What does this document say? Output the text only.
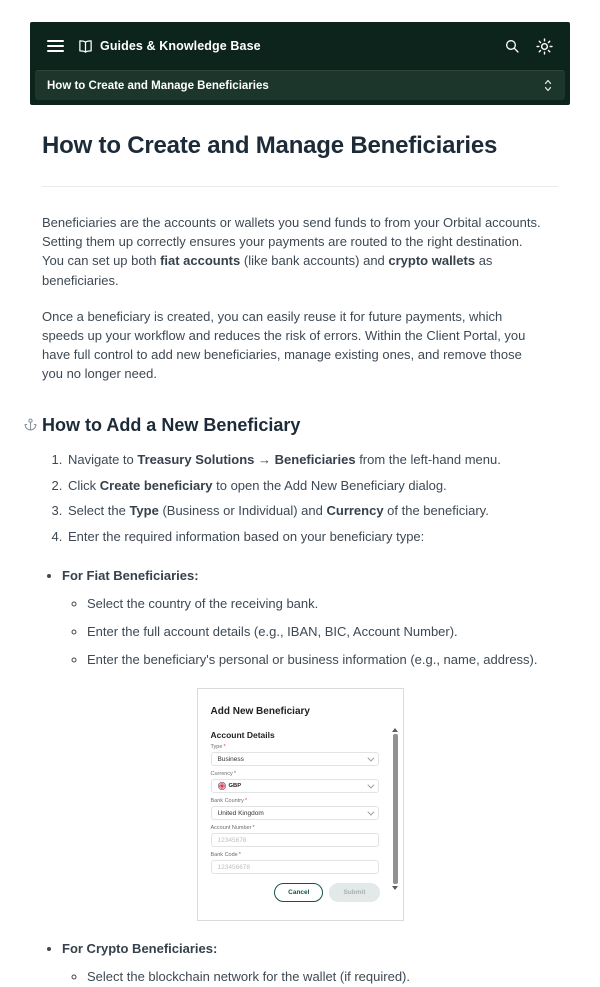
Guides & Knowledge Base
How to Create and Manage Beneficiaries
How to Create and Manage Beneficiaries

Beneficiaries are the accounts or wallets you send funds to from your Orbital accounts. Setting them up correctly ensures your payments are routed to the right destination. You can set up both fiat accounts (like bank accounts) and crypto wallets as beneficiaries.

Once a beneficiary is created, you can easily reuse it for future payments, which speeds up your workflow and reduces the risk of errors. Within the Client Portal, you have full control to add new beneficiaries, manage existing ones, and remove those you no longer need.

How to Add a New Beneficiary
1. Navigate to Treasury Solutions → Beneficiaries from the left-hand menu.
2. Click Create beneficiary to open the Add New Beneficiary dialog.
3. Select the Type (Business or Individual) and Currency of the beneficiary.
4. Enter the required information based on your beneficiary type:
• For Fiat Beneficiaries:
◦ Select the country of the receiving bank.
◦ Enter the full account details (e.g., IBAN, BIC, Account Number).
◦ Enter the beneficiary's personal or business information (e.g., name, address).
Add New Beneficiary
Account Details
Type*
Business
Currency*
GBP
Bank Country*
United Kingdom
Account Number*
12345678
Bank Code*
123456678
Cancel	Submit
• For Crypto Beneficiaries:
◦ Select the blockchain network for the wallet (if required).
